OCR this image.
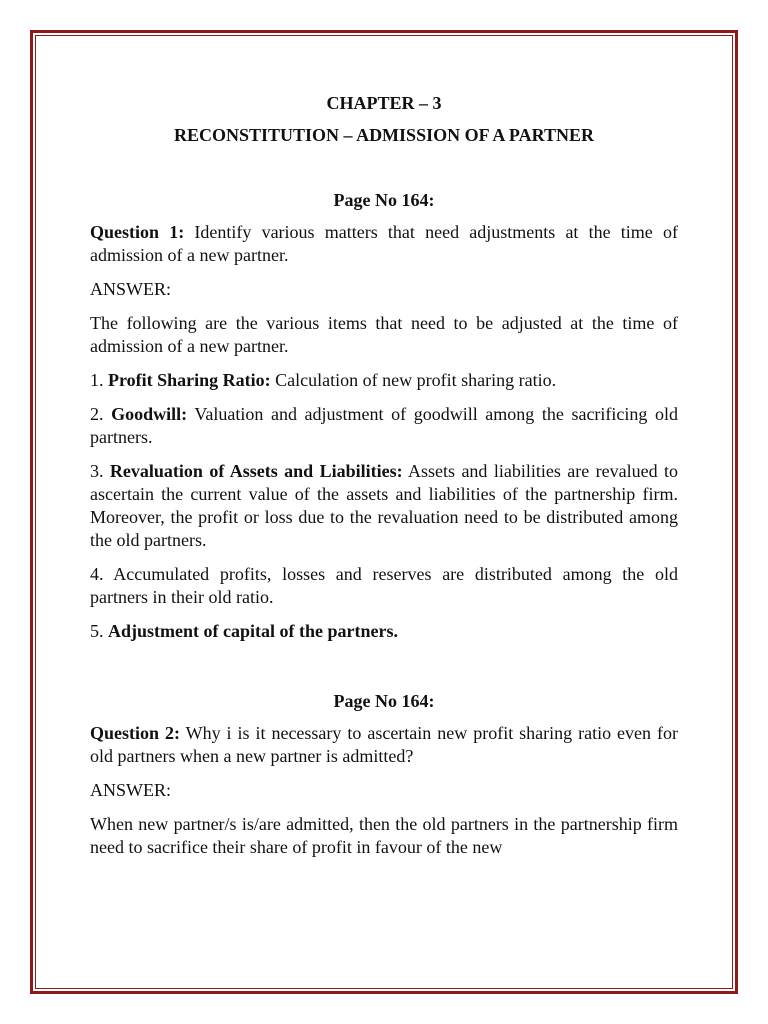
CHAPTER – 3
RECONSTITUTION – ADMISSION OF A PARTNER
Page No 164:

Question 1: Identify various matters that need adjustments at the time of admission of a new partner.

ANSWER:

The following are the various items that need to be adjusted at the time of admission of a new partner.

1. Profit Sharing Ratio: Calculation of new profit sharing ratio.

2. Goodwill: Valuation and adjustment of goodwill among the sacrificing old partners.

3. Revaluation of Assets and Liabilities: Assets and liabilities are revalued to ascertain the current value of the assets and liabilities of the partnership firm. Moreover, the profit or loss due to the revaluation need to be distributed among the old partners.

4. Accumulated profits, losses and reserves are distributed among the old partners in their old ratio.

5. Adjustment of capital of the partners.

Page No 164:

Question 2: Why i is it necessary to ascertain new profit sharing ratio even for old partners when a new partner is admitted?

ANSWER:

When new partner/s is/are admitted, then the old partners in the partnership firm need to sacrifice their share of profit in favour of the new
